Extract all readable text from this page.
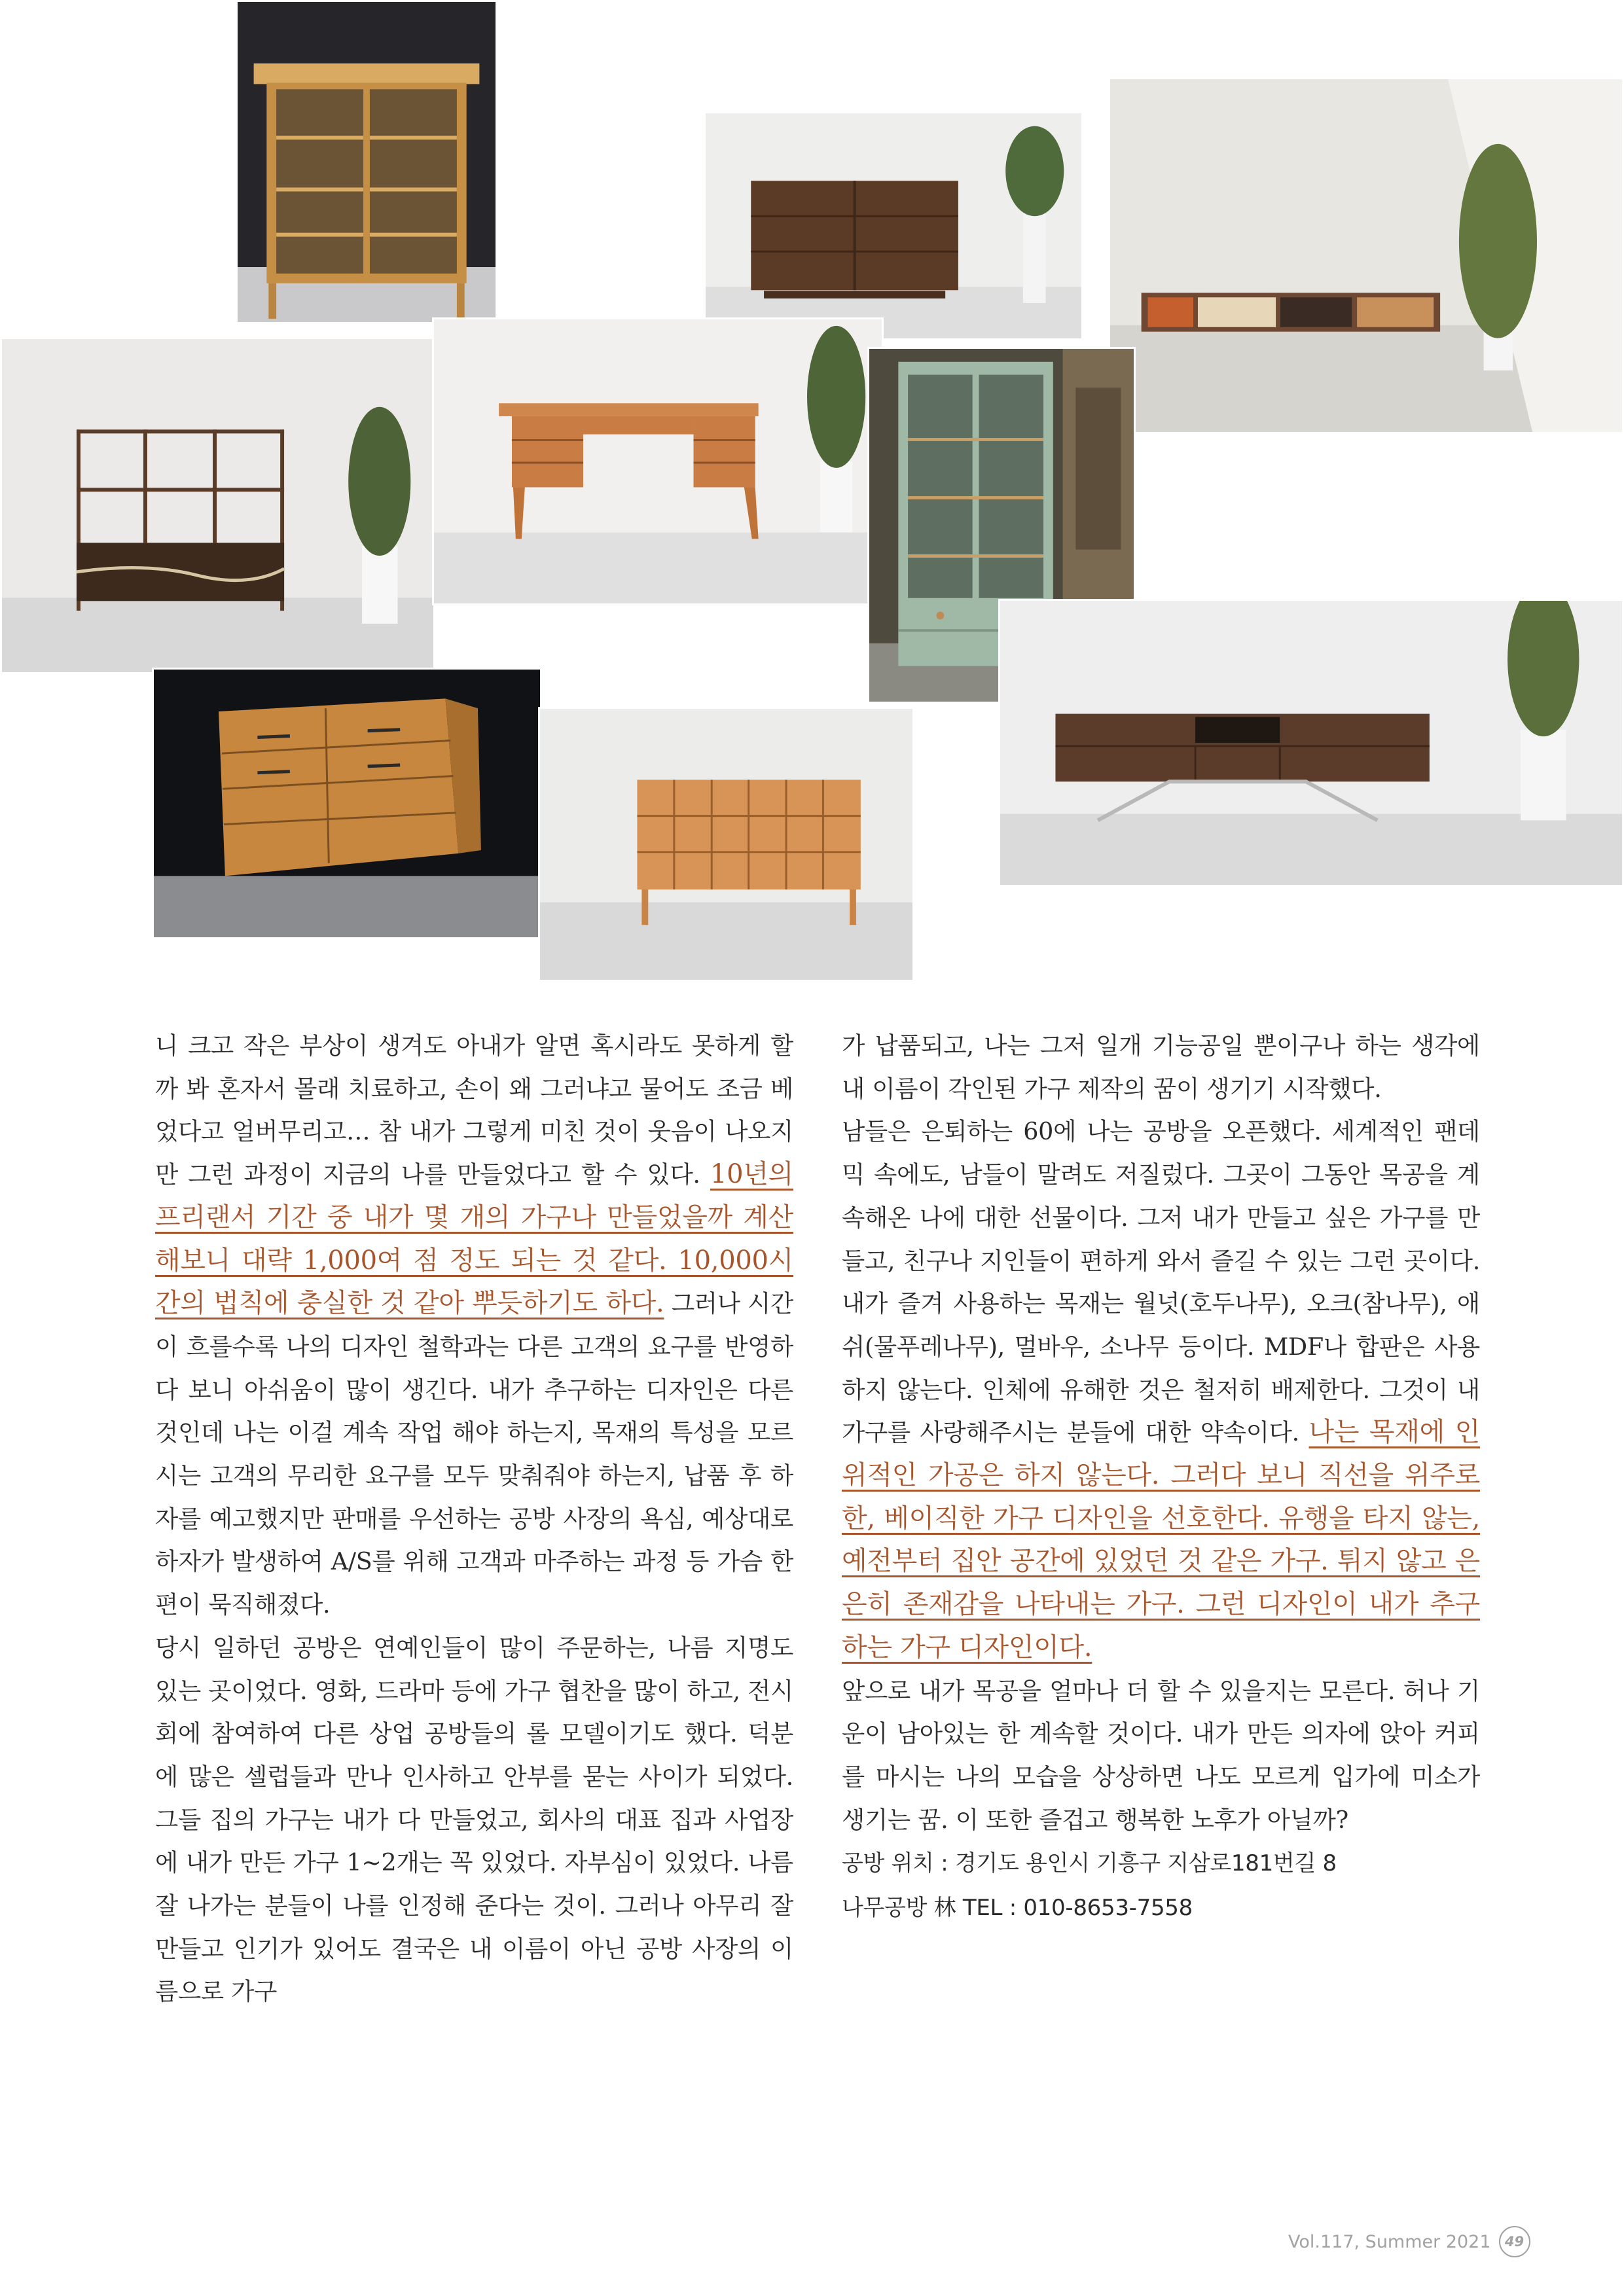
니 크고 작은 부상이 생겨도 아내가 알면 혹시라도 못하게 할까 봐 혼자서 몰래 치료하고, 손이 왜 그러냐고 물어도 조금 베었다고 얼버무리고… 참 내가 그렇게 미친 것이 웃음이 나오지만 그런 과정이 지금의 나를 만들었다고 할 수 있다. 10년의 프리랜서 기간 중 내가 몇 개의 가구나 만들었을까 계산해보니 대략 1,000여 점 정도 되는 것 같다. 10,000시간의 법칙에 충실한 것 같아 뿌듯하기도 하다. 그러나 시간이 흐를수록 나의 디자인 철학과는 다른 고객의 요구를 반영하다 보니 아쉬움이 많이 생긴다. 내가 추구하는 디자인은 다른 것인데 나는 이걸 계속 작업 해야 하는지, 목재의 특성을 모르시는 고객의 무리한 요구를 모두 맞춰줘야 하는지, 납품 후 하자를 예고했지만 판매를 우선하는 공방 사장의 욕심, 예상대로 하자가 발생하여 A/S를 위해 고객과 마주하는 과정 등 가슴 한편이 묵직해졌다.

당시 일하던 공방은 연예인들이 많이 주문하는, 나름 지명도 있는 곳이었다. 영화, 드라마 등에 가구 협찬을 많이 하고, 전시회에 참여하여 다른 상업 공방들의 롤 모델이기도 했다. 덕분에 많은 셀럽들과 만나 인사하고 안부를 묻는 사이가 되었다. 그들 집의 가구는 내가 다 만들었고, 회사의 대표 집과 사업장에 내가 만든 가구 1~2개는 꼭 있었다. 자부심이 있었다. 나름 잘 나가는 분들이 나를 인정해 준다는 것이. 그러나 아무리 잘 만들고 인기가 있어도 결국은 내 이름이 아닌 공방 사장의 이름으로 가구

가 납품되고, 나는 그저 일개 기능공일 뿐이구나 하는 생각에 내 이름이 각인된 가구 제작의 꿈이 생기기 시작했다.

남들은 은퇴하는 60에 나는 공방을 오픈했다. 세계적인 팬데믹 속에도, 남들이 말려도 저질렀다. 그곳이 그동안 목공을 계속해온 나에 대한 선물이다. 그저 내가 만들고 싶은 가구를 만들고, 친구나 지인들이 편하게 와서 즐길 수 있는 그런 곳이다. 내가 즐겨 사용하는 목재는 월넛(호두나무), 오크(참나무), 애쉬(물푸레나무), 멀바우, 소나무 등이다. MDF나 합판은 사용하지 않는다. 인체에 유해한 것은 철저히 배제한다. 그것이 내 가구를 사랑해주시는 분들에 대한 약속이다. 나는 목재에 인위적인 가공은 하지 않는다. 그러다 보니 직선을 위주로 한, 베이직한 가구 디자인을 선호한다. 유행을 타지 않는, 예전부터 집안 공간에 있었던 것 같은 가구. 튀지 않고 은은히 존재감을 나타내는 가구. 그런 디자인이 내가 추구하는 가구 디자인이다.

앞으로 내가 목공을 얼마나 더 할 수 있을지는 모른다. 허나 기운이 남아있는 한 계속할 것이다. 내가 만든 의자에 앉아 커피를 마시는 나의 모습을 상상하면 나도 모르게 입가에 미소가 생기는 꿈. 이 또한 즐겁고 행복한 노후가 아닐까?

공방 위치 : 경기도 용인시 기흥구 지삼로181번길 8

나무공방 林 TEL : 010-8653-7558

Vol.117, Summer 2021	49
